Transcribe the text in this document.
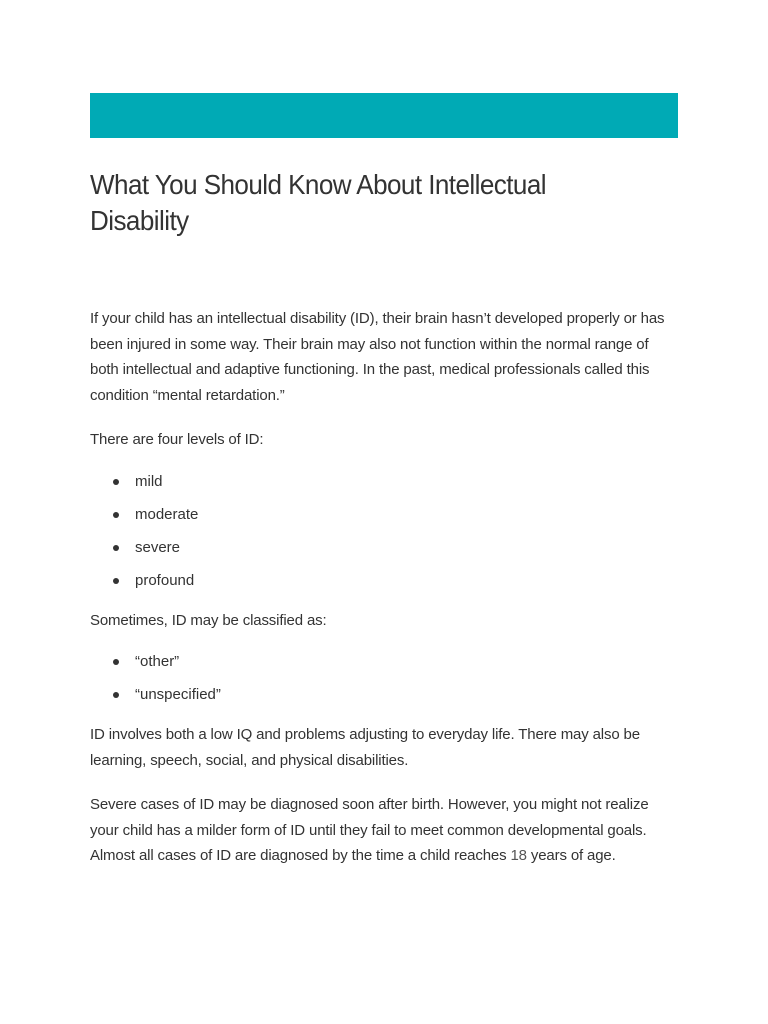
What You Should Know About Intellectual Disability

If your child has an intellectual disability (ID), their brain hasn’t developed properly or has been injured in some way. Their brain may also not function within the normal range of both intellectual and adaptive functioning. In the past, medical professionals called this condition “mental retardation.”

There are four levels of ID:

mild
moderate
severe
profound

Sometimes, ID may be classified as:

“other”
“unspecified”

ID involves both a low IQ and problems adjusting to everyday life. There may also be learning, speech, social, and physical disabilities.

Severe cases of ID may be diagnosed soon after birth. However, you might not realize your child has a milder form of ID until they fail to meet common developmental goals. Almost all cases of ID are diagnosed by the time a child reaches 18 years of age.
